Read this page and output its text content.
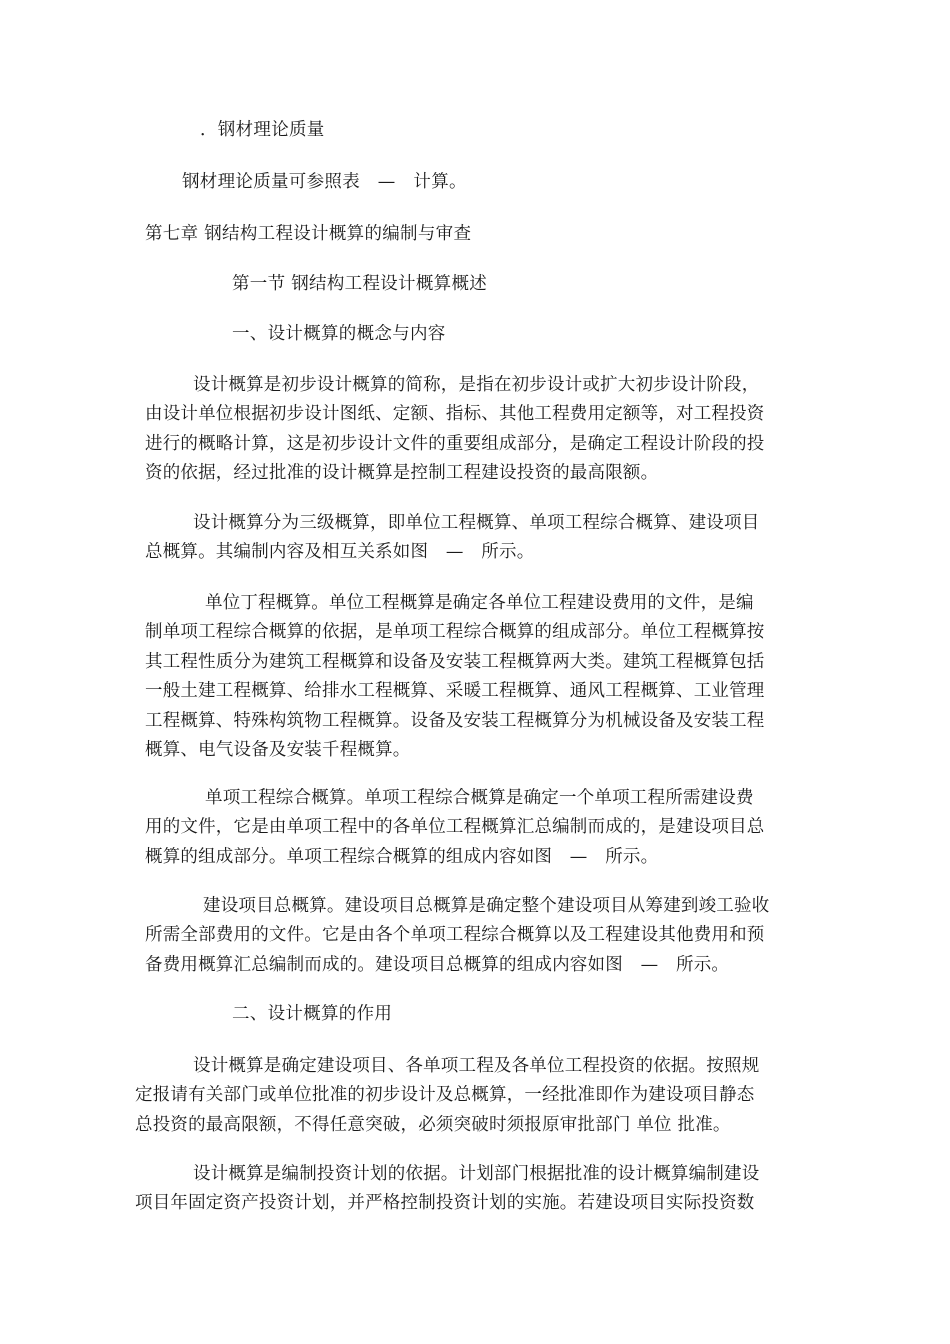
．钢材理论质量
钢材理论质量可参照表　—　计算。
第七章 钢结构工程设计概算的编制与审查
第一节 钢结构工程设计概算概述
一、设计概算的概念与内容
设计概算是初步设计概算的简称，是指在初步设计或扩大初步设计阶段，
由设计单位根据初步设计图纸、定额、指标、其他工程费用定额等，对工程投资
进行的概略计算，这是初步设计文件的重要组成部分，是确定工程设计阶段的投
资的依据，经过批准的设计概算是控制工程建设投资的最高限额。
设计概算分为三级概算，即单位工程概算、单项工程综合概算、建设项目
总概算。其编制内容及相互关系如图　—　所示。
单位丁程概算。单位工程概算是确定各单位工程建设费用的文件，是编
制单项工程综合概算的依据，是单项工程综合概算的组成部分。单位工程概算按
其工程性质分为建筑工程概算和设备及安装工程概算两大类。建筑工程概算包括
一般土建工程概算、给排水工程概算、采暖工程概算、通风工程概算、工业管理
工程概算、特殊构筑物工程概算。设备及安装工程概算分为机械设备及安装工程
概算、电气设备及安装千程概算。
单项工程综合概算。单项工程综合概算是确定一个单项工程所需建设费
用的文件，它是由单项工程中的各单位工程概算汇总编制而成的，是建设项目总
概算的组成部分。单项工程综合概算的组成内容如图　—　所示。
建设项目总概算。建设项目总概算是确定整个建设项目从筹建到竣工验收
所需全部费用的文件。它是由各个单项工程综合概算以及工程建设其他费用和预
备费用概算汇总编制而成的。建设项目总概算的组成内容如图　—　所示。
二、设计概算的作用
设计概算是确定建设项目、各单项工程及各单位工程投资的依据。按照规
定报请有关部门或单位批准的初步设计及总概算，一经批准即作为建设项目静态
总投资的最高限额，不得任意突破，必须突破时须报原审批部门 单位 批准。
设计概算是编制投资计划的依据。计划部门根据批准的设计概算编制建设
项目年固定资产投资计划，并严格控制投资计划的实施。若建设项目实际投资数
